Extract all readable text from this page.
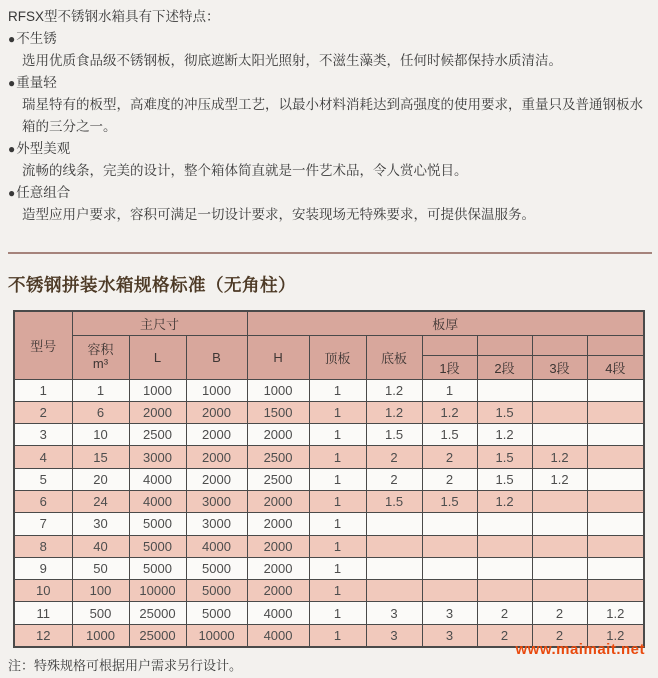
RFSX型不锈钢水箱具有下述特点：

● 不生锈

选用优质食品级不锈钢板，彻底遮断太阳光照射，不滋生藻类，任何时候都保持水质清洁。

● 重量轻

瑞星特有的板型，高难度的冲压成型工艺，以最小材料消耗达到高强度的使用要求，重量只及普通钢板水箱的三分之一。

● 外型美观

流畅的线条，完美的设计，整个箱体简直就是一件艺术品，令人赏心悦目。

● 任意组合

造型应用户要求，容积可满足一切设计要求，安装现场无特殊要求，可提供保温服务。

不锈钢拼装水箱规格标准（无角柱）
型号	主尺寸			板厚						

	容积
m³	L	B	H	顶板	底板				
							1段	2段	3段	4段
1	1	1000	1000	1000	1	1.2	1			
2	6	2000	2000	1500	1	1.2	1.2	1.5		
3	10	2500	2000	2000	1	1.5	1.5	1.2		
4	15	3000	2000	2500	1	2	2	1.5	1.2	
5	20	4000	2000	2500	1	2	2	1.5	1.2	
6	24	4000	3000	2000	1	1.5	1.5	1.2		
7	30	5000	3000	2000	1					
8	40	5000	4000	2000	1					
9	50	5000	5000	2000	1					
10	100	10000	5000	2000	1					
11	500	25000	5000	4000	1	3	3	2	2	1.2
12	1000	25000	10000	4000	1	3	3	2	2	1.2

注：特殊规格可根据用户需求另行设计。

www.maimait.net
